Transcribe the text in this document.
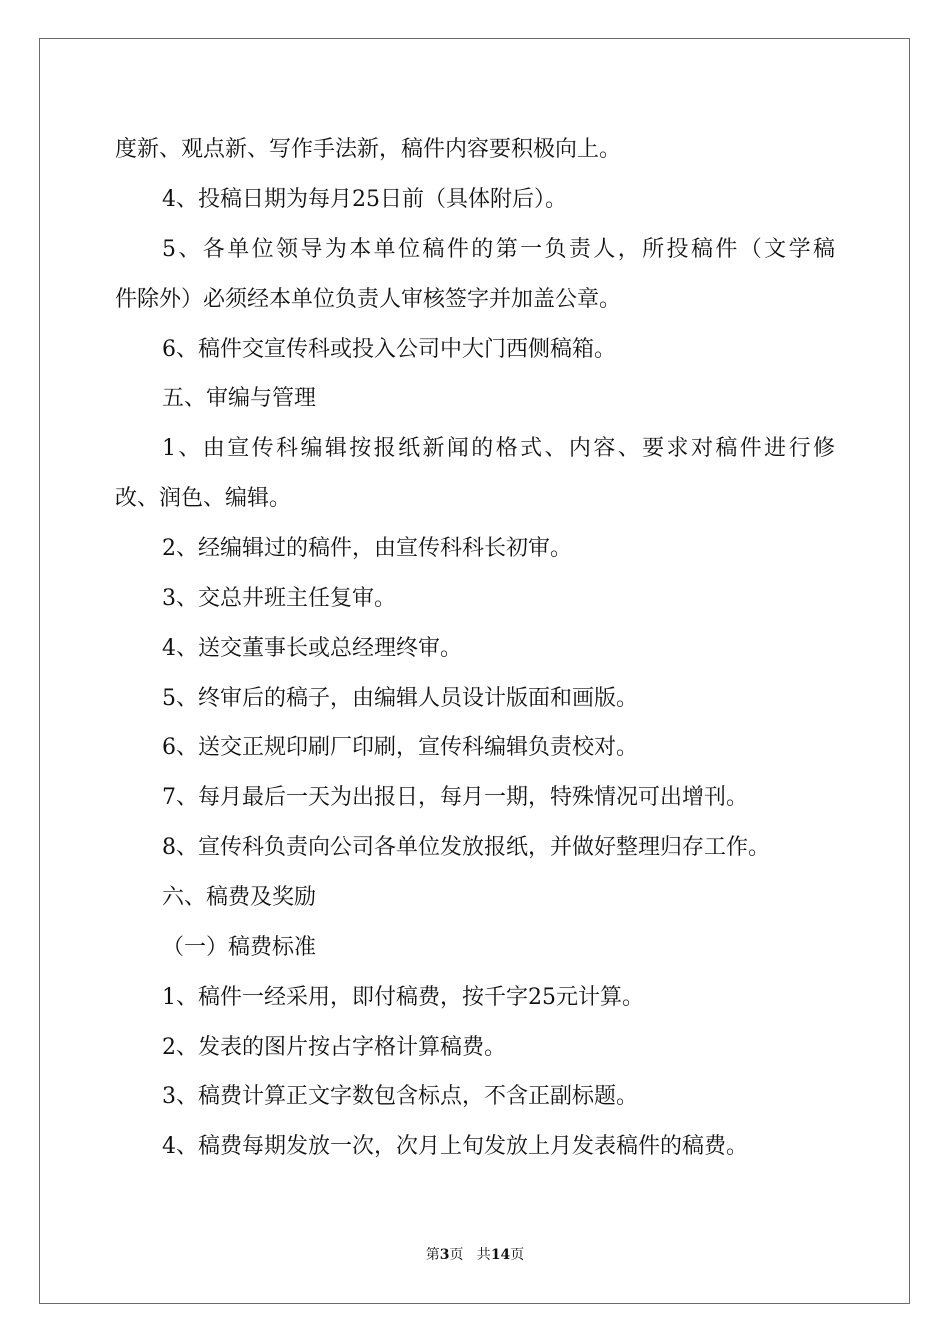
度新、观点新、写作手法新，稿件内容要积极向上。
4、投稿日期为每月25日前（具体附后）。
5、各单位领导为本单位稿件的第一负责人，所投稿件（文学稿
件除外）必须经本单位负责人审核签字并加盖公章。
6、稿件交宣传科或投入公司中大门西侧稿箱。
五、审编与管理
1、由宣传科编辑按报纸新闻的格式、内容、要求对稿件进行修
改、润色、编辑。
2、经编辑过的稿件，由宣传科科长初审。
3、交总井班主任复审。
4、送交董事长或总经理终审。
5、终审后的稿子，由编辑人员设计版面和画版。
6、送交正规印刷厂印刷，宣传科编辑负责校对。
7、每月最后一天为出报日，每月一期，特殊情况可出增刊。
8、宣传科负责向公司各单位发放报纸，并做好整理归存工作。
六、稿费及奖励
（一）稿费标准
1、稿件一经采用，即付稿费，按千字25元计算。
2、发表的图片按占字格计算稿费。
3、稿费计算正文字数包含标点，不含正副标题。
4、稿费每期发放一次，次月上旬发放上月发表稿件的稿费。
第3页   共14页
